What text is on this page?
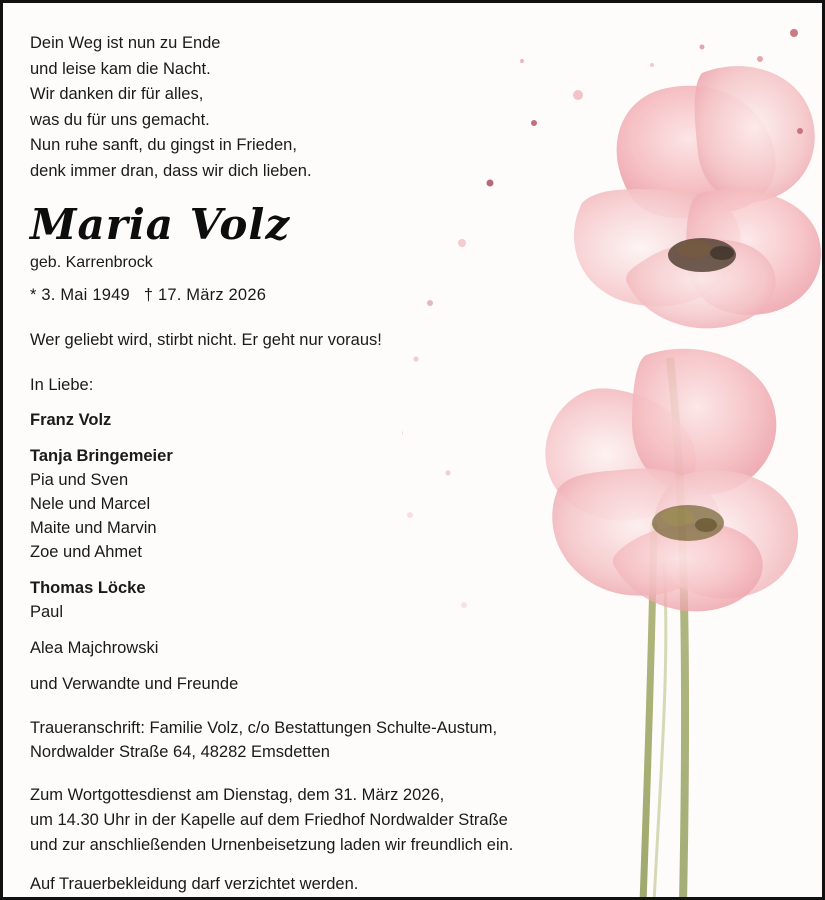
Dein Weg ist nun zu Ende
und leise kam die Nacht.
Wir danken dir für alles,
was du für uns gemacht.
Nun ruhe sanft, du gingst in Frieden,
denk immer dran, dass wir dich lieben.
Maria Volz
geb. Karrenbrock
* 3. Mai 1949 † 17. März 2026
Wer geliebt wird, stirbt nicht. Er geht nur voraus!
In Liebe:
Franz Volz
Tanja Bringemeier
Pia und Sven
Nele und Marcel
Maite und Marvin
Zoe und Ahmet
Thomas Löcke
Paul
Alea Majchrowski
und Verwandte und Freunde
Traueranschrift: Familie Volz, c/o Bestattungen Schulte-Austum,
Nordwalder Straße 64, 48282 Emsdetten
Zum Wortgottesdienst am Dienstag, dem 31. März 2026,
um 14.30 Uhr in der Kapelle auf dem Friedhof Nordwalder Straße
und zur anschließenden Urnenbeisetzung laden wir freundlich ein.
Auf Trauerbekleidung darf verzichtet werden.
